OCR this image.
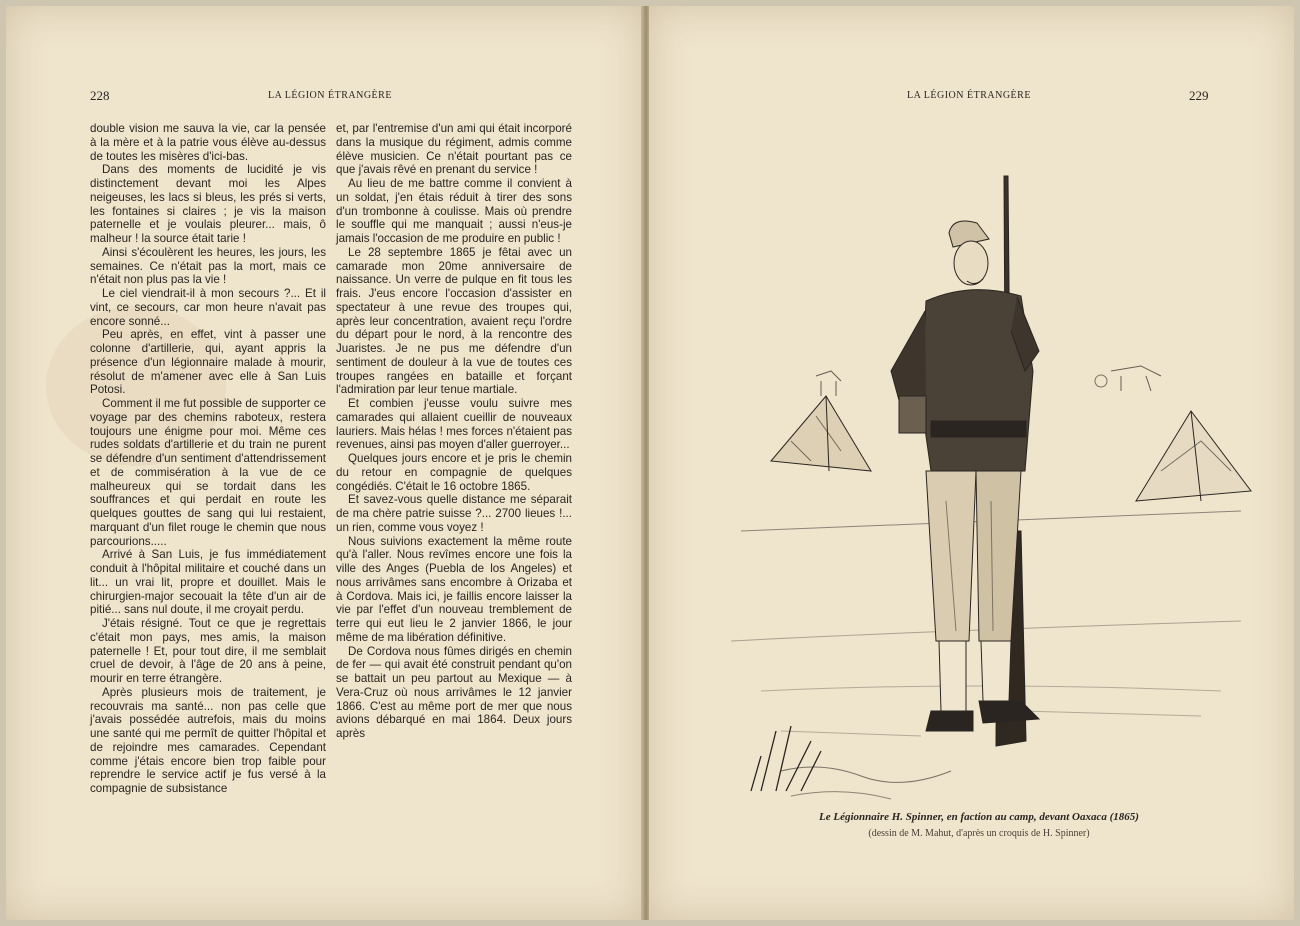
228	LA LÉGION ÉTRANGÈRE

double vision me sauva la vie, car la pensée à la mère et à la patrie vous élève au-dessus de toutes les misères d'ici-bas.

Dans des moments de lucidité je vis distinctement devant moi les Alpes neigeuses, les lacs si bleus, les prés si verts, les fontaines si claires ; je vis la maison paternelle et je voulais pleurer... mais, ô malheur ! la source était tarie !

Ainsi s'écoulèrent les heures, les jours, les semaines. Ce n'était pas la mort, mais ce n'était non plus pas la vie !

Le ciel viendrait-il à mon secours ?... Et il vint, ce secours, car mon heure n'avait pas encore sonné...

Peu après, en effet, vint à passer une colonne d'artillerie, qui, ayant appris la présence d'un légionnaire malade à mourir, résolut de m'amener avec elle à San Luis Potosi.

Comment il me fut possible de supporter ce voyage par des chemins raboteux, restera toujours une énigme pour moi. Même ces rudes soldats d'artillerie et du train ne purent se défendre d'un sentiment d'attendrissement et de commisération à la vue de ce malheureux qui se tordait dans les souffrances et qui perdait en route les quelques gouttes de sang qui lui restaient, marquant d'un filet rouge le chemin que nous parcourions.....

Arrivé à San Luis, je fus immédiatement conduit à l'hôpital militaire et couché dans un lit... un vrai lit, propre et douillet. Mais le chirurgien-major secouait la tête d'un air de pitié... sans nul doute, il me croyait perdu.

J'étais résigné. Tout ce que je regrettais c'était mon pays, mes amis, la maison paternelle ! Et, pour tout dire, il me semblait cruel de devoir, à l'âge de 20 ans à peine, mourir en terre étrangère.

Après plusieurs mois de traitement, je recouvrais ma santé... non pas celle que j'avais possédée autrefois, mais du moins une santé qui me permît de quitter l'hôpital et de rejoindre mes camarades. Cependant comme j'étais encore bien trop faible pour reprendre le service actif je fus versé à la compagnie de subsistance

et, par l'entremise d'un ami qui était incorporé dans la musique du régiment, admis comme élève musicien. Ce n'était pourtant pas ce que j'avais rêvé en prenant du service !

Au lieu de me battre comme il convient à un soldat, j'en étais réduit à tirer des sons d'un trombonne à coulisse. Mais où prendre le souffle qui me manquait ; aussi n'eus-je jamais l'occasion de me produire en public !

Le 28 septembre 1865 je fêtai avec un camarade mon 20me anniversaire de naissance. Un verre de pulque en fit tous les frais. J'eus encore l'occasion d'assister en spectateur à une revue des troupes qui, après leur concentration, avaient reçu l'ordre du départ pour le nord, à la rencontre des Juaristes. Je ne pus me défendre d'un sentiment de douleur à la vue de toutes ces troupes rangées en bataille et forçant l'admiration par leur tenue martiale.

Et combien j'eusse voulu suivre mes camarades qui allaient cueillir de nouveaux lauriers. Mais hélas ! mes forces n'étaient pas revenues, ainsi pas moyen d'aller guerroyer...

Quelques jours encore et je pris le chemin du retour en compagnie de quelques congédiés. C'était le 16 octobre 1865.

Et savez-vous quelle distance me séparait de ma chère patrie suisse ?... 2700 lieues !... un rien, comme vous voyez !

Nous suivions exactement la même route qu'à l'aller. Nous revîmes encore une fois la ville des Anges (Puebla de los Angeles) et nous arrivâmes sans encombre à Orizaba et à Cordova. Mais ici, je faillis encore laisser la vie par l'effet d'un nouveau tremblement de terre qui eut lieu le 2 janvier 1866, le jour même de ma libération définitive.

De Cordova nous fûmes dirigés en chemin de fer — qui avait été construit pendant qu'on se battait un peu partout au Mexique — à Vera-Cruz où nous arrivâmes le 12 janvier 1866. C'est au même port de mer que nous avions débarqué en mai 1864. Deux jours après

LA LÉGION ÉTRANGÈRE	229
Le Légionnaire H. Spinner, en faction au camp, devant Oaxaca (1865)
(dessin de M. Mahut, d'après un croquis de H. Spinner)
